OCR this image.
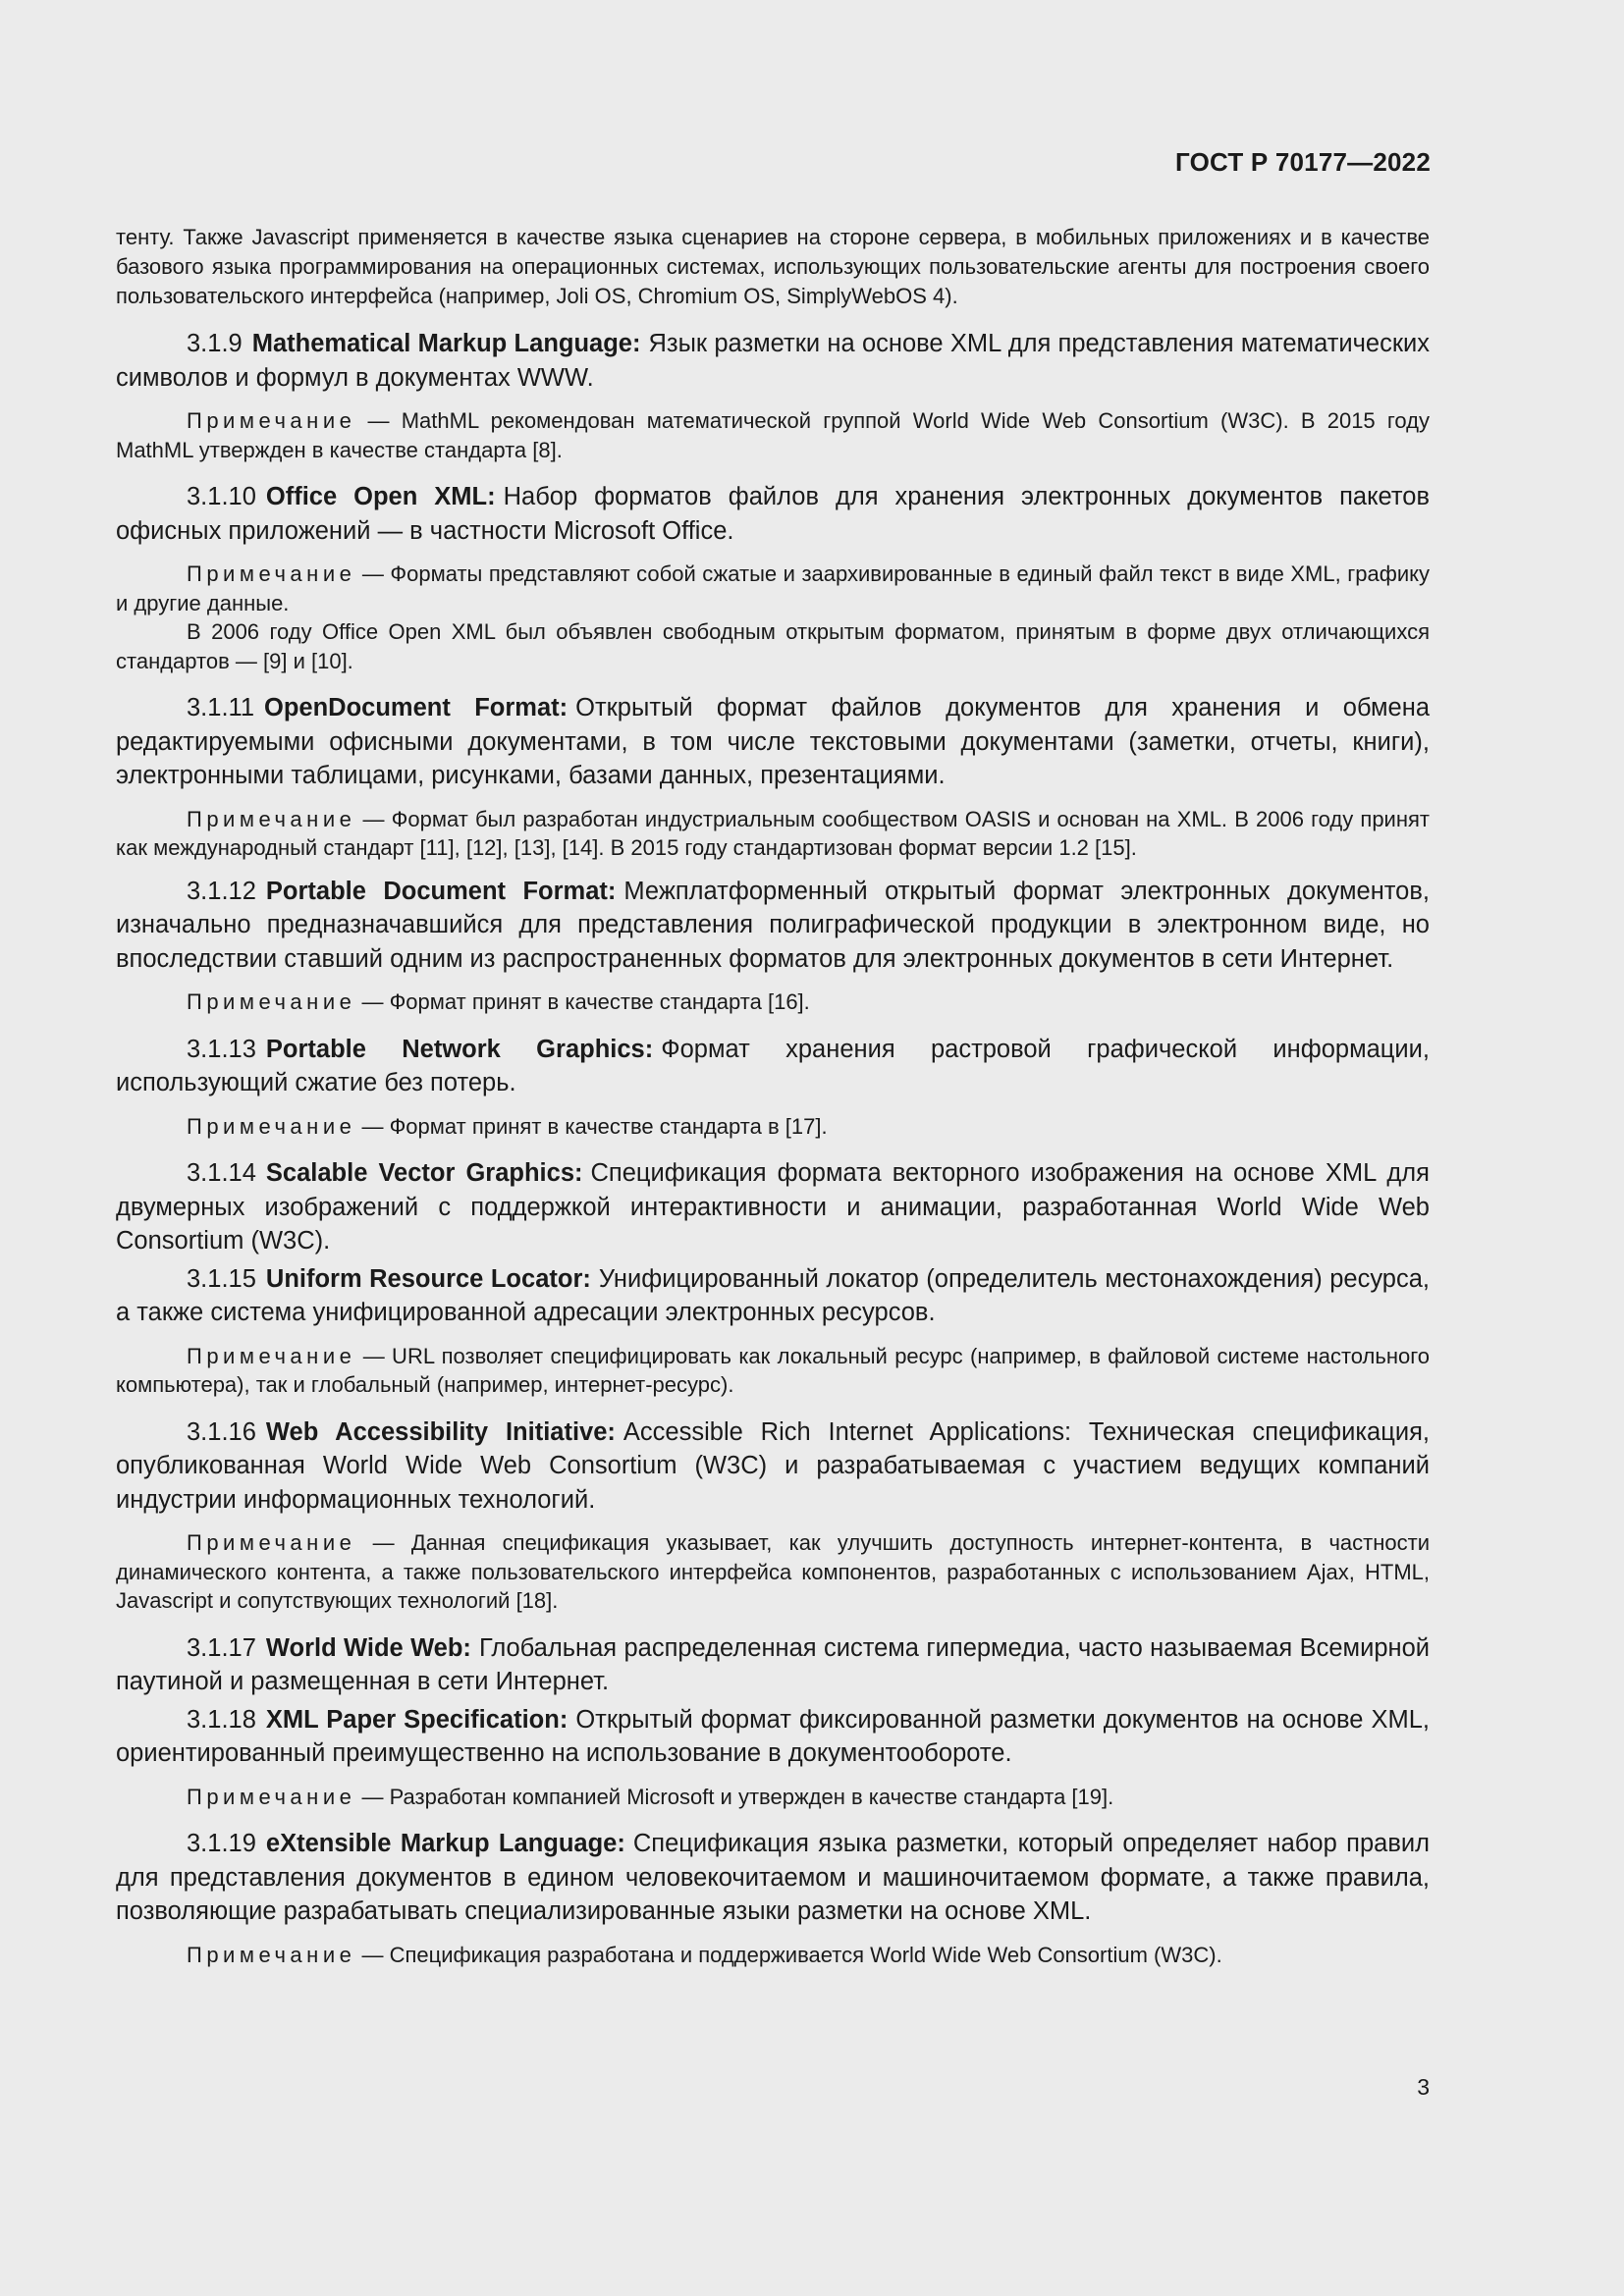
ГОСТ Р 70177—2022

тенту. Также Javascript применяется в качестве языка сценариев на стороне сервера, в мобильных приложениях и в качестве базового языка программирования на операционных системах, использующих пользовательские агенты для построения своего пользовательского интерфейса (например, Joli OS, Chromium OS, SimplyWebOS 4).

3.1.9 Mathematical Markup Language: Язык разметки на основе XML для представления математических символов и формул в документах WWW.

Примечание — MathML рекомендован математической группой World Wide Web Consortium (W3C). В 2015 году MathML утвержден в качестве стандарта [8].

3.1.10 Office Open XML: Набор форматов файлов для хранения электронных документов пакетов офисных приложений — в частности Microsoft Office.

Примечание — Форматы представляют собой сжатые и заархивированные в единый файл текст в виде XML, графику и другие данные.

В 2006 году Office Open XML был объявлен свободным открытым форматом, принятым в форме двух отличающихся стандартов — [9] и [10].

3.1.11 OpenDocument Format: Открытый формат файлов документов для хранения и обмена редактируемыми офисными документами, в том числе текстовыми документами (заметки, отчеты, книги), электронными таблицами, рисунками, базами данных, презентациями.

Примечание — Формат был разработан индустриальным сообществом OASIS и основан на XML. В 2006 году принят как международный стандарт [11], [12], [13], [14]. В 2015 году стандартизован формат версии 1.2 [15].

3.1.12 Portable Document Format: Межплатформенный открытый формат электронных документов, изначально предназначавшийся для представления полиграфической продукции в электронном виде, но впоследствии ставший одним из распространенных форматов для электронных документов в сети Интернет.

Примечание — Формат принят в качестве стандарта [16].

3.1.13 Portable Network Graphics: Формат хранения растровой графической информации, использующий сжатие без потерь.

Примечание — Формат принят в качестве стандарта в [17].

3.1.14 Scalable Vector Graphics: Спецификация формата векторного изображения на основе XML для двумерных изображений с поддержкой интерактивности и анимации, разработанная World Wide Web Consortium (W3C).

3.1.15 Uniform Resource Locator: Унифицированный локатор (определитель местонахождения) ресурса, а также система унифицированной адресации электронных ресурсов.

Примечание — URL позволяет специфицировать как локальный ресурс (например, в файловой системе настольного компьютера), так и глобальный (например, интернет-ресурс).

3.1.16 Web Accessibility Initiative: Accessible Rich Internet Applications: Техническая спецификация, опубликованная World Wide Web Consortium (W3C) и разрабатываемая с участием ведущих компаний индустрии информационных технологий.

Примечание — Данная спецификация указывает, как улучшить доступность интернет-контента, в частности динамического контента, а также пользовательского интерфейса компонентов, разработанных с использованием Ajax, HTML, Javascript и сопутствующих технологий [18].

3.1.17 World Wide Web: Глобальная распределенная система гипермедиа, часто называемая Всемирной паутиной и размещенная в сети Интернет.

3.1.18 XML Paper Specification: Открытый формат фиксированной разметки документов на основе XML, ориентированный преимущественно на использование в документообороте.

Примечание — Разработан компанией Microsoft и утвержден в качестве стандарта [19].

3.1.19 eXtensible Markup Language: Спецификация языка разметки, который определяет набор правил для представления документов в едином человекочитаемом и машиночитаемом формате, а также правила, позволяющие разрабатывать специализированные языки разметки на основе XML.

Примечание — Спецификация разработана и поддерживается World Wide Web Consortium (W3C).

3
